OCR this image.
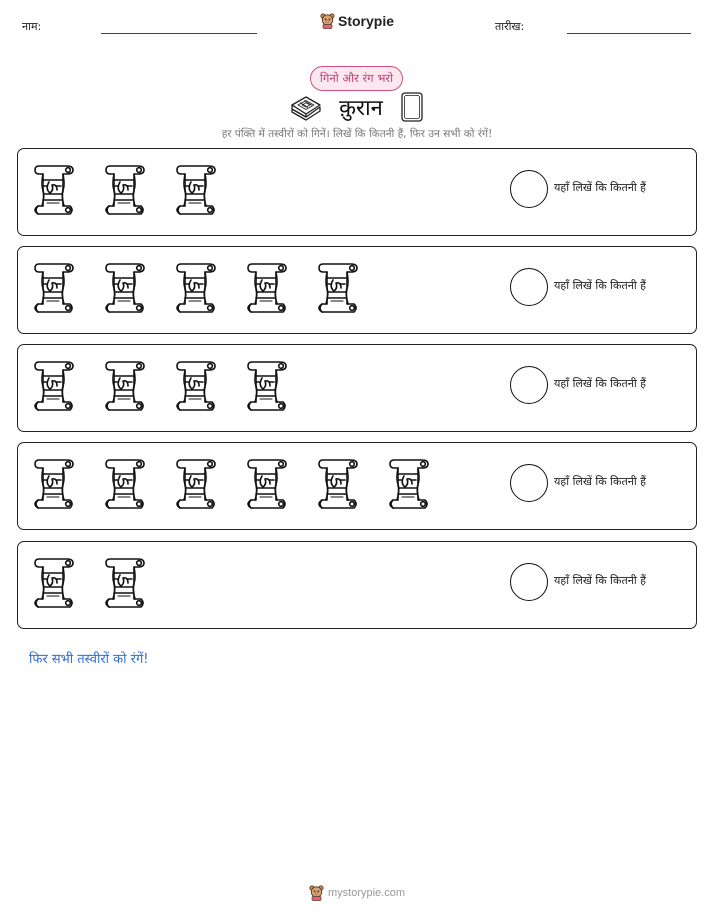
नाम:	Storypie	तारीख:
गिनो और रंग भरो
क़ुरान
हर पंक्ति में तस्वीरों को गिनें। लिखें कि कितनी हैं, फिर उन सभी को रंगें!
यहाँ लिखें कि कितनी हैं
यहाँ लिखें कि कितनी हैं
यहाँ लिखें कि कितनी हैं
यहाँ लिखें कि कितनी हैं
यहाँ लिखें कि कितनी हैं
फिर सभी तस्वीरों को रंगें!
mystorypie.com
